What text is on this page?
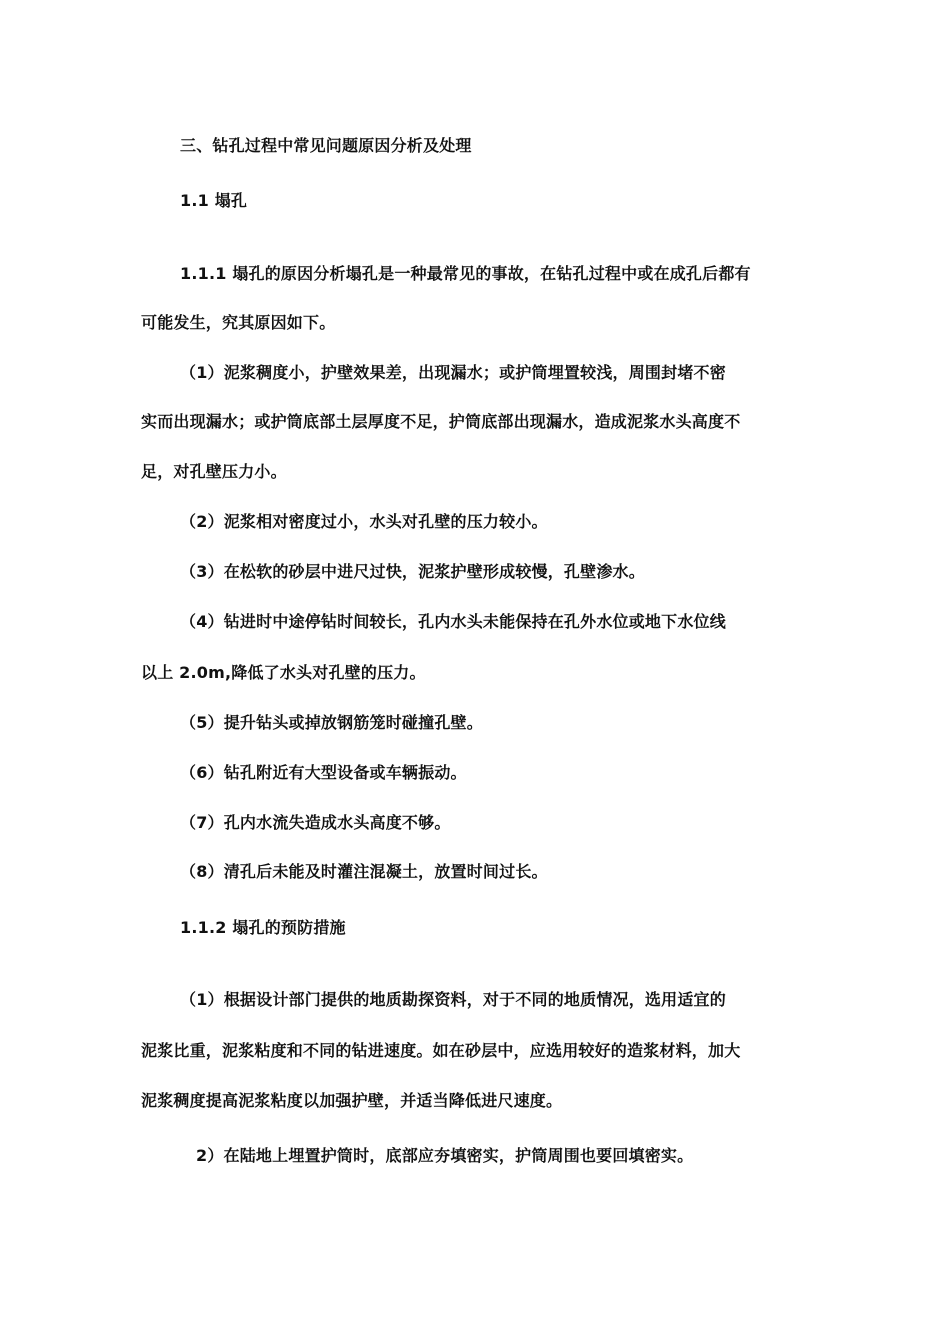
三、钻孔过程中常见问题原因分析及处理
1.1 塌孔
1.1.1 塌孔的原因分析塌孔是一种最常见的事故，在钻孔过程中或在成孔后都有
可能发生，究其原因如下。
（1）泥浆稠度小，护壁效果差，出现漏水；或护筒埋置较浅，周围封堵不密
实而出现漏水；或护筒底部土层厚度不足，护筒底部出现漏水，造成泥浆水头高度不
足，对孔壁压力小。
（2）泥浆相对密度过小，水头对孔壁的压力较小。
（3）在松软的砂层中进尺过快，泥浆护壁形成较慢，孔壁渗水。
（4）钻进时中途停钻时间较长，孔内水头未能保持在孔外水位或地下水位线
以上 2.0m,降低了水头对孔壁的压力。
（5）提升钻头或掉放钢筋笼时碰撞孔壁。
（6）钻孔附近有大型设备或车辆振动。
（7）孔内水流失造成水头高度不够。
（8）清孔后未能及时灌注混凝土，放置时间过长。
1.1.2 塌孔的预防措施
（1）根据设计部门提供的地质勘探资料，对于不同的地质情况，选用适宜的
泥浆比重，泥浆粘度和不同的钻进速度。如在砂层中，应选用较好的造浆材料，加大
泥浆稠度提高泥浆粘度以加强护壁，并适当降低进尺速度。
2）在陆地上埋置护筒时，底部应夯填密实，护筒周围也要回填密实。
